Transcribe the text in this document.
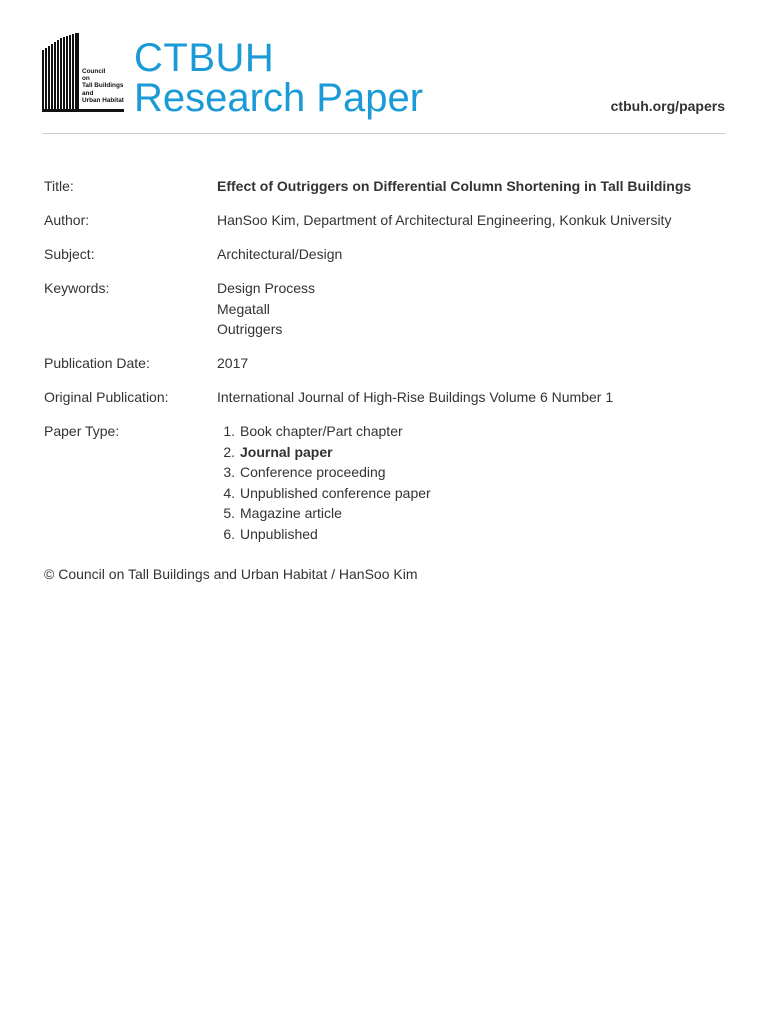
Council
on
Tall Buildings
and
Urban Habitat
CTBUH
Research Paper	ctbuh.org/papers
Title:	Effect of Outriggers on Differential Column Shortening in Tall Buildings
Author:	HanSoo Kim, Department of Architectural Engineering, Konkuk University
Subject:	Architectural/Design
Keywords:	Design Process
Megatall
Outriggers
Publication Date:	2017
Original Publication:	International Journal of High-Rise Buildings Volume 6 Number 1
Paper Type:	1. Book chapter/Part chapter
2. Journal paper
3. Conference proceeding
4. Unpublished conference paper
5. Magazine article
6. Unpublished
© Council on Tall Buildings and Urban Habitat / HanSoo Kim
